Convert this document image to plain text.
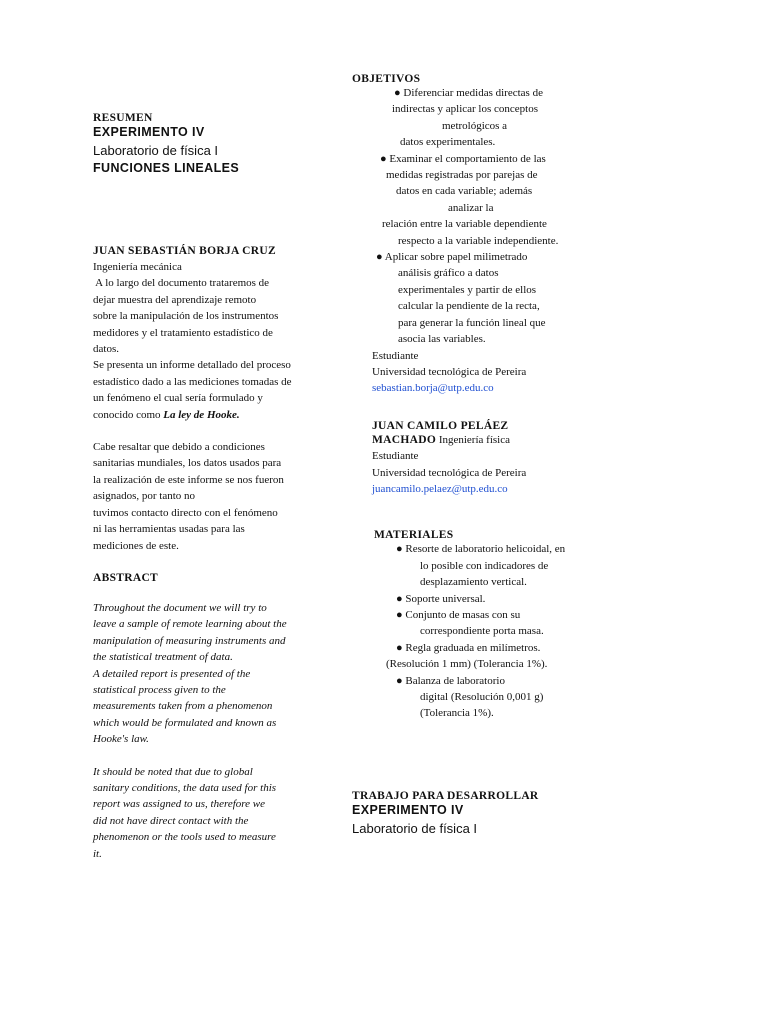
RESUMEN
EXPERIMENTO IV
Laboratorio de física I
FUNCIONES LINEALES
JUAN SEBASTIÁN BORJA CRUZ

Ingeniería mecánica

A lo largo del documento trataremos de

dejar muestra del aprendizaje remoto

sobre la manipulación de los instrumentos

medidores y el tratamiento estadístico de

datos.

Se presenta un informe detallado del proceso

estadístico dado a las mediciones tomadas de

un fenómeno el cual sería formulado y

conocido como La ley de Hooke.

Cabe resaltar que debido a condiciones

sanitarias mundiales, los datos usados para

la realización de este informe se nos fueron

asignados, por tanto no

tuvimos contacto directo con el fenómeno

ni las herramientas usadas para las

mediciones de este.

ABSTRACT

Throughout the document we will try to

leave a sample of remote learning about the

manipulation of measuring instruments and

the statistical treatment of data.

A detailed report is presented of the

statistical process given to the

measurements taken from a phenomenon

which would be formulated and known as

Hooke's law.

It should be noted that due to global

sanitary conditions, the data used for this

report was assigned to us, therefore we

did not have direct contact with the

phenomenon or the tools used to measure

it.

OBJETIVOS

● Diferenciar medidas directas de

indirectas y aplicar los conceptos

metrológicos a

datos experimentales.

● Examinar el comportamiento de las

medidas registradas por parejas de

datos en cada variable; además

analizar la

relación entre la variable dependiente

respecto a la variable independiente.

● Aplicar sobre papel milimetrado

análisis gráfico a datos

experimentales y partir de ellos

calcular la pendiente de la recta,

para generar la función lineal que

asocia las variables.

Estudiante

Universidad tecnológica de Pereira

sebastian.borja@utp.edu.co
JUAN CAMILO PELÁEZ
MACHADO Ingeniería física

Estudiante

Universidad tecnológica de Pereira

juancamilo.pelaez@utp.edu.co
MATERIALES

● Resorte de laboratorio helicoidal, en

lo posible con indicadores de

desplazamiento vertical.

● Soporte universal.

● Conjunto de masas con su

correspondiente porta masa.

● Regla graduada en milímetros.

(Resolución 1 mm) (Tolerancia 1%).

● Balanza de laboratorio

digital (Resolución 0,001 g)

(Tolerancia 1%).

TRABAJO PARA DESARROLLAR
EXPERIMENTO IV
Laboratorio de física I
